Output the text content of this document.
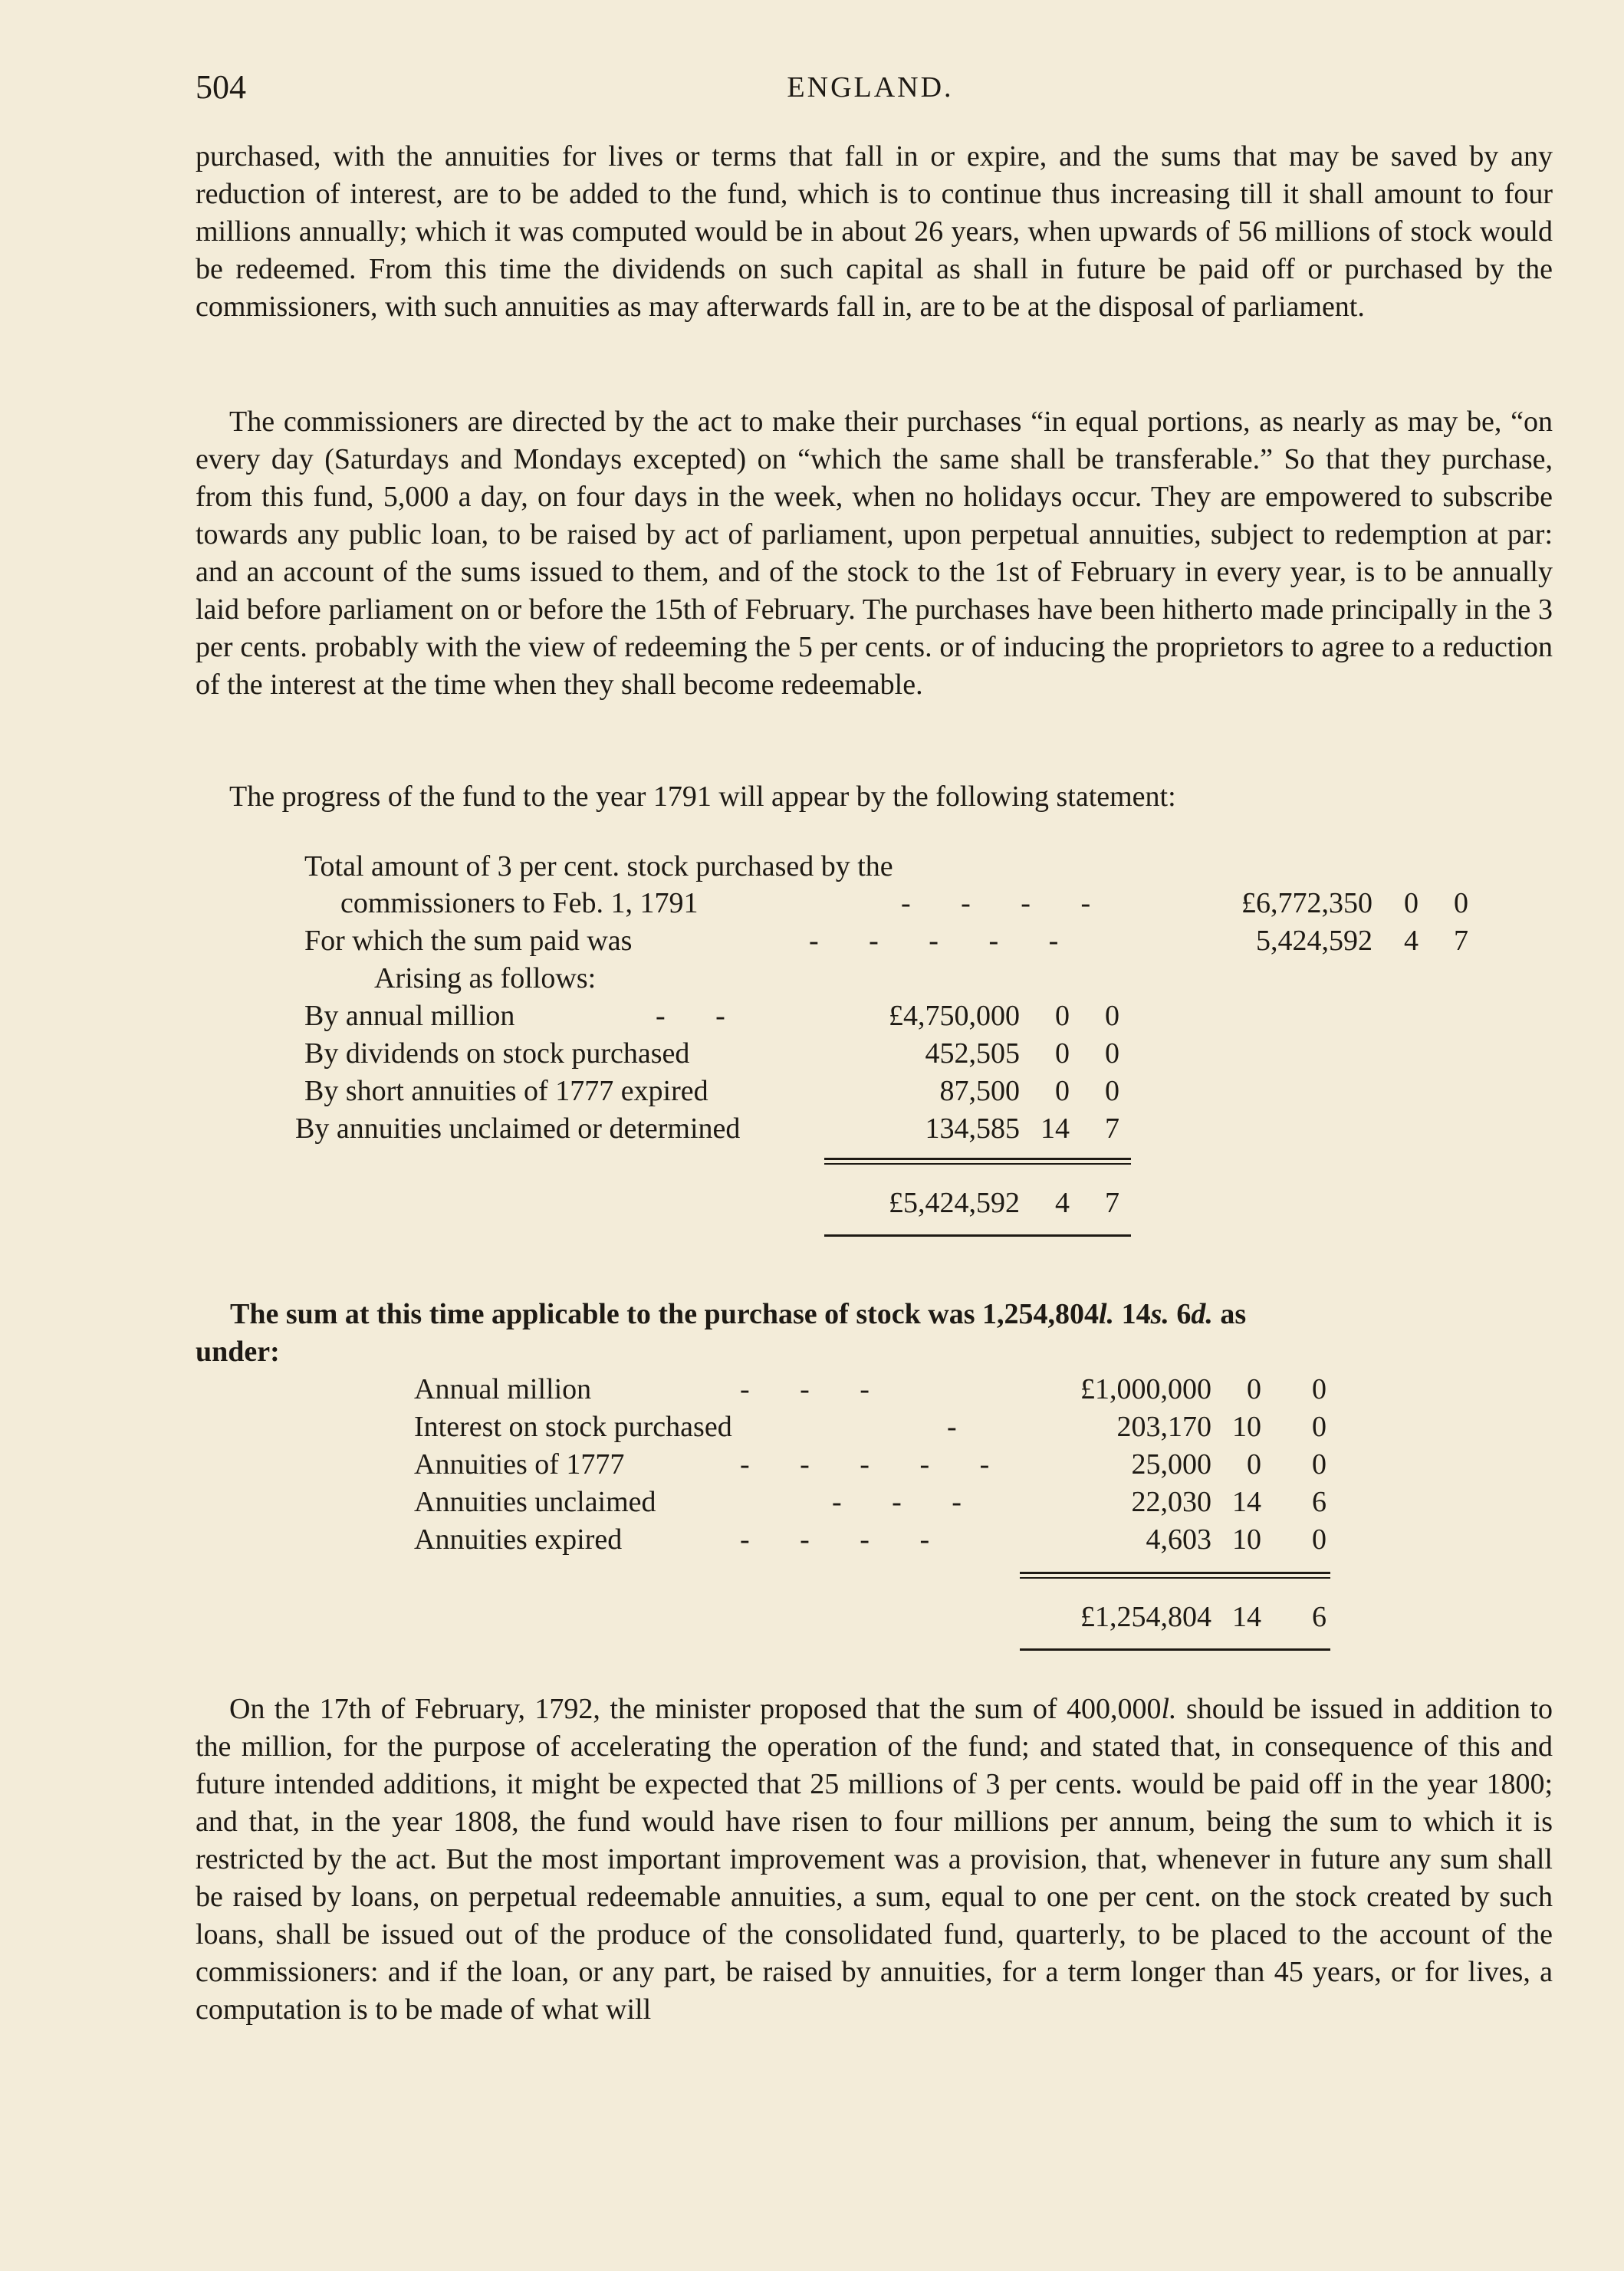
504	ENGLAND.

purchased, with the annuities for lives or terms that fall in or expire, and the sums that may be saved by any reduction of interest, are to be added to the fund, which is to continue thus increasing till it shall amount to four millions annually; which it was computed would be in about 26 years, when upwards of 56 millions of stock would be redeemed. From this time the dividends on such capital as shall in future be paid off or purchased by the commissioners, with such annuities as may afterwards fall in, are to be at the disposal of parliament.

The commissioners are directed by the act to make their purchases “in equal portions, as nearly as may be, “on every day (Saturdays and Mondays excepted) on “which the same shall be transferable.” So that they purchase, from this fund, 5,000 a day, on four days in the week, when no holidays occur. They are empowered to subscribe towards any public loan, to be raised by act of parliament, upon perpetual annuities, subject to redemption at par: and an account of the sums issued to them, and of the stock to the 1st of February in every year, is to be annually laid before parliament on or before the 15th of February. The purchases have been hitherto made principally in the 3 per cents. probably with the view of redeeming the 5 per cents. or of inducing the proprietors to agree to a reduction of the interest at the time when they shall become redeemable.

The progress of the fund to the year 1791 will appear by the following statement:

Total amount of 3 per cent. stock purchased by the
commissioners to Feb. 1, 1791	- - - -	£6,772,350	0	0
For which the sum paid was	- - - - -	5,424,592	4	7
Arising as follows:
By annual million	- -	£4,750,000	0	0
By dividends on stock purchased	452,505	0	0
By short annuities of 1777 expired	87,500	0	0
By annuities unclaimed or determined	134,585 14	7
£5,424,592	4	7
The sum at this time applicable to the purchase of stock was 1,254,804l. 14s. 6d. as
under:
Annual million	- - -	£1,000,000	0	0
Interest on stock purchased	-	203,170 10	0
Annuities of 1777	- - - - -	25,000	0	0
Annuities unclaimed	- - -	22,030 14	6
Annuities expired	- - - -	4,603 10	0
£1,254,804 14	6

On the 17th of February, 1792, the minister proposed that the sum of 400,000l. should be issued in addition to the million, for the purpose of accelerating the operation of the fund; and stated that, in consequence of this and future intended additions, it might be expected that 25 millions of 3 per cents. would be paid off in the year 1800; and that, in the year 1808, the fund would have risen to four millions per annum, being the sum to which it is restricted by the act. But the most important improvement was a provision, that, whenever in future any sum shall be raised by loans, on perpetual redeemable annuities, a sum, equal to one per cent. on the stock created by such loans, shall be issued out of the produce of the consolidated fund, quarterly, to be placed to the account of the commissioners: and if the loan, or any part, be raised by annuities, for a term longer than 45 years, or for lives, a computation is to be made of what will
